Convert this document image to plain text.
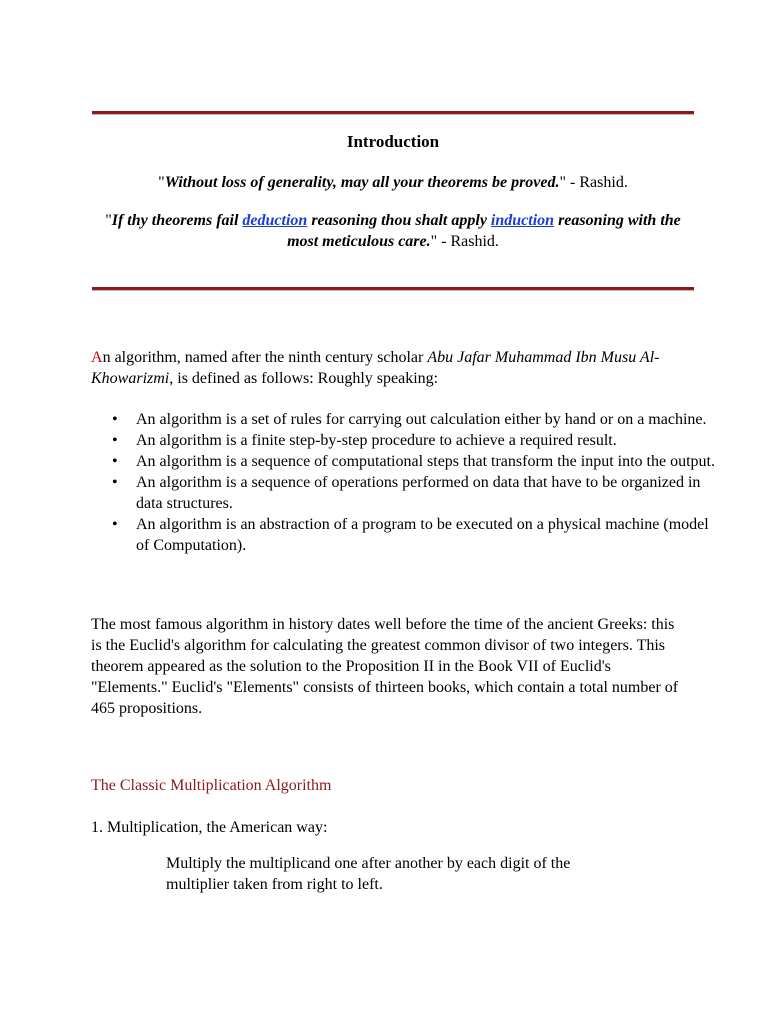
Introduction
"Without loss of generality, may all your theorems be proved." - Rashid.
"If thy theorems fail deduction reasoning thou shalt apply induction reasoning with the most meticulous care." - Rashid.
An algorithm, named after the ninth century scholar Abu Jafar Muhammad Ibn Musu Al-Khowarizmi, is defined as follows: Roughly speaking:
• An algorithm is a set of rules for carrying out calculation either by hand or on a machine.
• An algorithm is a finite step-by-step procedure to achieve a required result.
• An algorithm is a sequence of computational steps that transform the input into the output.
• An algorithm is a sequence of operations performed on data that have to be organized in data structures.
• An algorithm is an abstraction of a program to be executed on a physical machine (model of Computation).
The most famous algorithm in history dates well before the time of the ancient Greeks: this is the Euclid's algorithm for calculating the greatest common divisor of two integers. This theorem appeared as the solution to the Proposition II in the Book VII of Euclid's "Elements." Euclid's "Elements" consists of thirteen books, which contain a total number of 465 propositions.
The Classic Multiplication Algorithm
1. Multiplication, the American way:
Multiply the multiplicand one after another by each digit of the multiplier taken from right to left.
